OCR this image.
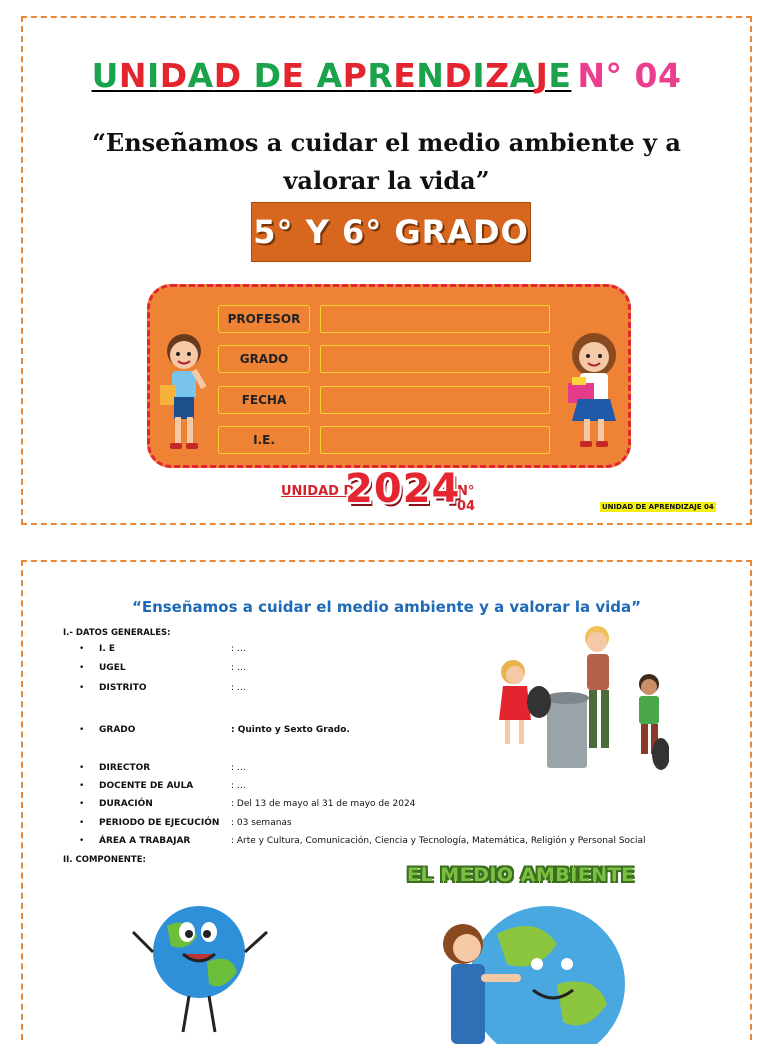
UNIDAD DE APRENDIZAJE N° 04
“Enseñamos a cuidar el medio ambiente y a valorar la vida”
5° Y 6° GRADO
PROFESOR
GRADO
FECHA
I.E.
UNIDAD D	N° 04
2024	UNIDAD DE APRENDIZAJE 04
“Enseñamos a cuidar el medio ambiente y a valorar la vida”
I.- DATOS GENERALES:
• I. E	: …
• UGEL	: …
• DISTRITO	: …
• GRADO	: Quinto y Sexto Grado.
• DIRECTOR	: …
• DOCENTE DE AULA	: …
• DURACIÓN	: Del 13 de mayo al 31 de mayo de 2024
• PERIODO DE EJECUCIÓN : 03 semanas
• ÁREA A TRABAJAR	: Arte y Cultura, Comunicación, Ciencia y Tecnología, Matemática, Religión y Personal Social
II. COMPONENTE:
EL MEDIO AMBIENTE
